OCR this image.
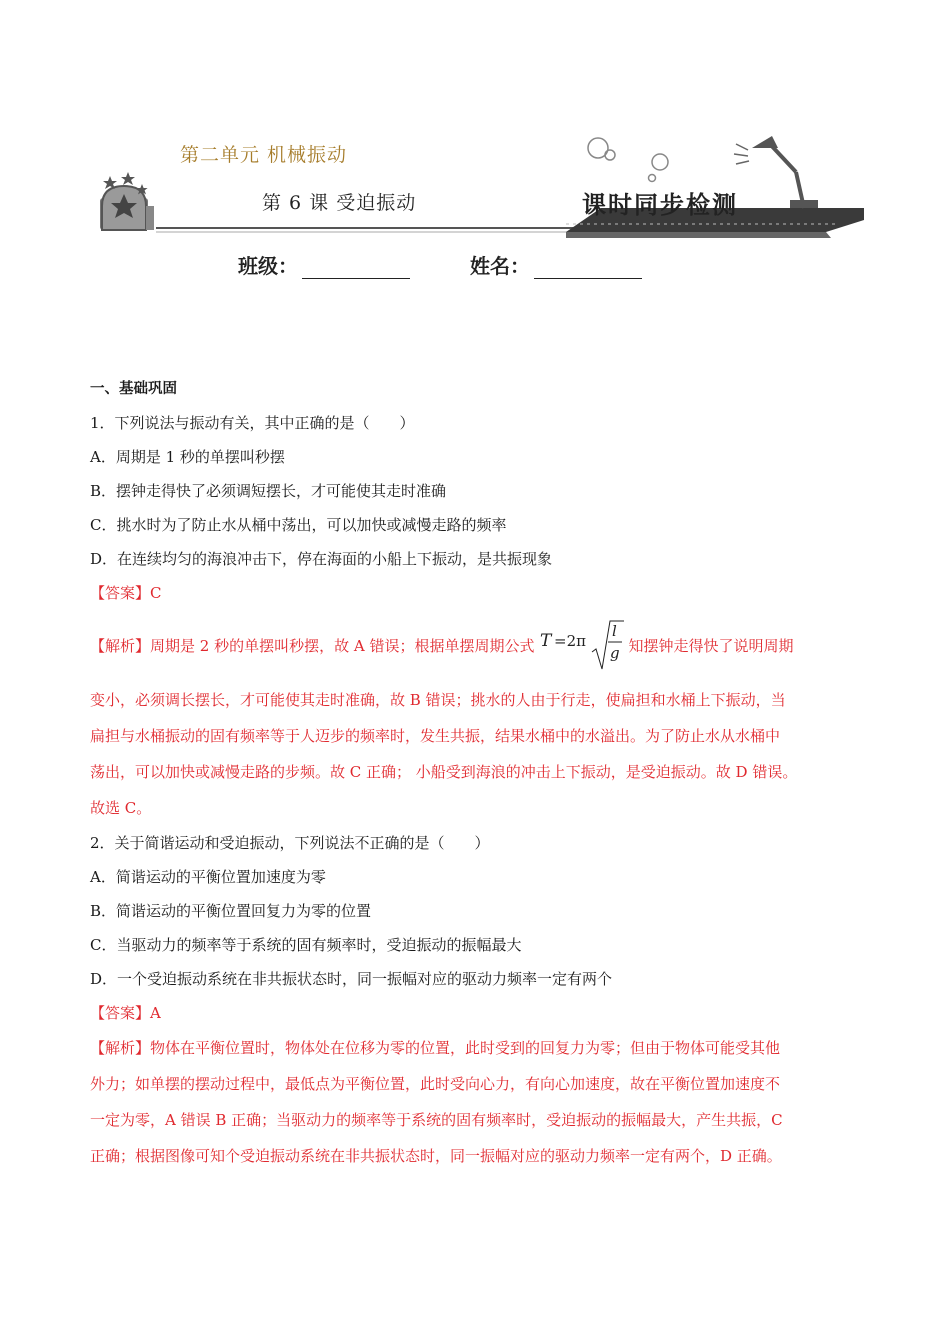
第二单元 机械振动
第 6 课 受迫振动	课时同步检测
班级：	姓名：
一、基础巩固
1．下列说法与振动有关，其中正确的是（　　）
A．周期是 1 秒的单摆叫秒摆
B．摆钟走得快了必须调短摆长，才可能使其走时准确
C．挑水时为了防止水从桶中荡出，可以加快或减慢走路的频率
D．在连续均匀的海浪冲击下，停在海面的小船上下振动，是共振现象
【答案】C
【解析】周期是 2 秒的单摆叫秒摆，故 A 错误；根据单摆周期公式 T =2π
l
g 知摆钟走得快了说明周期
变小，必须调长摆长，才可能使其走时准确，故 B 错误；挑水的人由于行走，使扁担和水桶上下振动，当
扁担与水桶振动的固有频率等于人迈步的频率时，发生共振，结果水桶中的水溢出。为了防止水从水桶中
荡出，可以加快或减慢走路的步频。故 C 正确； 小船受到海浪的冲击上下振动，是受迫振动。故 D 错误。
故选 C。
2．关于简谐运动和受迫振动，下列说法不正确的是（　　）
A．简谐运动的平衡位置加速度为零
B．简谐运动的平衡位置回复力为零的位置
C．当驱动力的频率等于系统的固有频率时，受迫振动的振幅最大
D．一个受迫振动系统在非共振状态时，同一振幅对应的驱动力频率一定有两个
【答案】A
【解析】物体在平衡位置时，物体处在位移为零的位置，此时受到的回复力为零；但由于物体可能受其他
外力；如单摆的摆动过程中，最低点为平衡位置，此时受向心力，有向心加速度，故在平衡位置加速度不
一定为零，A 错误 B 正确；当驱动力的频率等于系统的固有频率时，受迫振动的振幅最大，产生共振，C
正确；根据图像可知个受迫振动系统在非共振状态时，同一振幅对应的驱动力频率一定有两个，D 正确。
